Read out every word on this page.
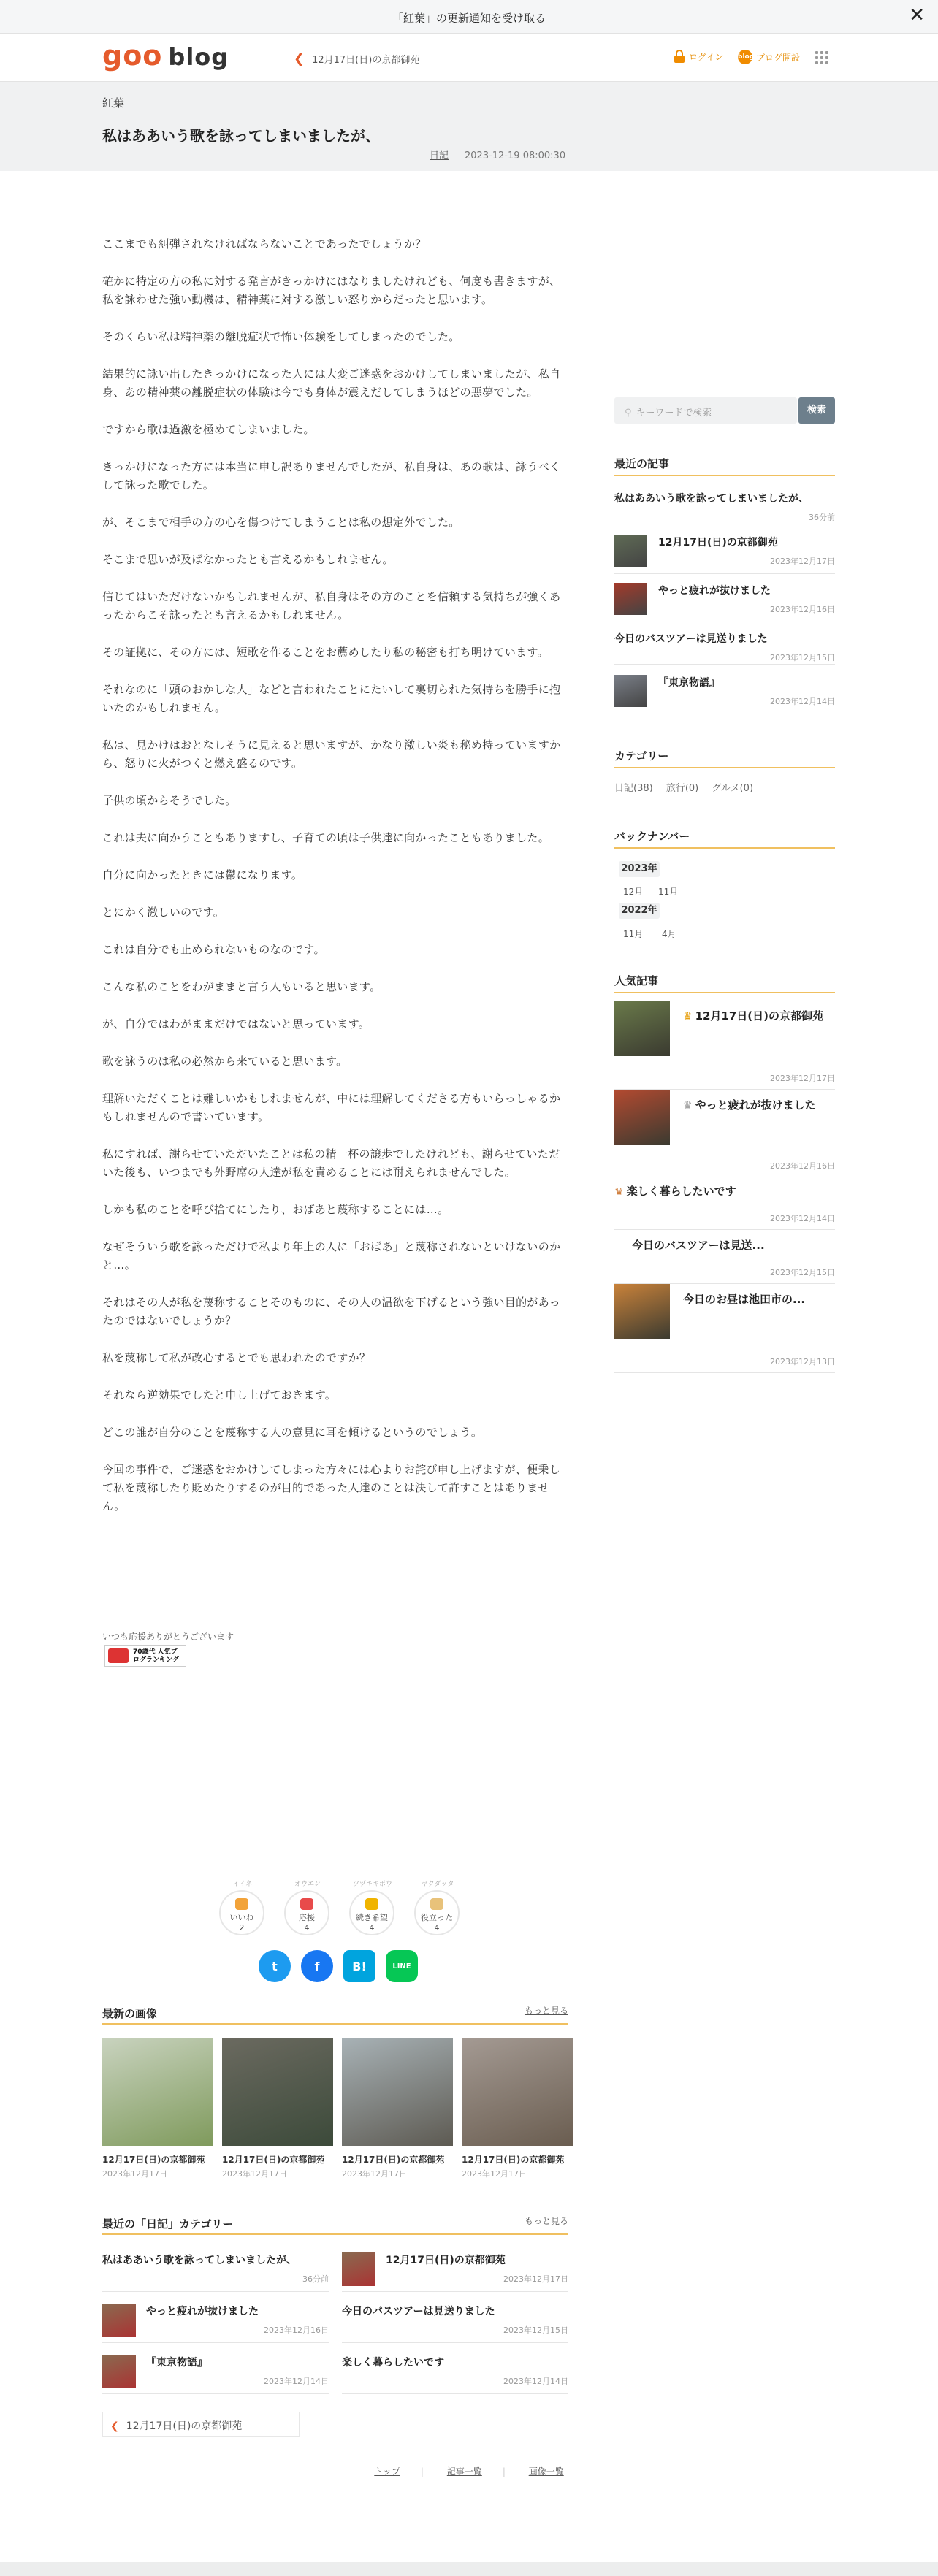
「紅葉」の更新通知を受け取る	✕
goo blog	❮ 12月17日(日)の京都御苑	ログイン blog ブログ開設
紅葉
私はああいう歌を詠ってしまいましたが、
日記 2023-12-19 08:00:30

ここまでも糾弾されなければならないことであったでしょうか？

確かに特定の方の私に対する発言がきっかけにはなりましたけれども、何度も書きますが、私を詠わせた強い動機は、精神薬に対する激しい怒りからだったと思います。

そのくらい私は精神薬の離脱症状で怖い体験をしてしまったのでした。

結果的に詠い出したきっかけになった人には大変ご迷惑をおかけしてしまいましたが、私自身、あの精神薬の離脱症状の体験は今でも身体が震えだしてしまうほどの悪夢でした。

ですから歌は過激を極めてしまいました。

きっかけになった方には本当に申し訳ありませんでしたが、私自身は、あの歌は、詠うべくして詠った歌でした。

が、そこまで相手の方の心を傷つけてしまうことは私の想定外でした。

そこまで思いが及ばなかったとも言えるかもしれません。

信じてはいただけないかもしれませんが、私自身はその方のことを信頼する気持ちが強くあったからこそ詠ったとも言えるかもしれません。

その証拠に、その方には、短歌を作ることをお薦めしたり私の秘密も打ち明けています。

それなのに「頭のおかしな人」などと言われたことにたいして裏切られた気持ちを勝手に抱いたのかもしれません。

私は、見かけはおとなしそうに見えると思いますが、かなり激しい炎も秘め持っていますから、怒りに火がつくと燃え盛るのです。

子供の頃からそうでした。

これは夫に向かうこともありますし、子育ての頃は子供達に向かったこともありました。

自分に向かったときには鬱になります。

とにかく激しいのです。

これは自分でも止められないものなのです。

こんな私のことをわがままと言う人もいると思います。

が、自分ではわがままだけではないと思っています。

歌を詠うのは私の必然から来ていると思います。

理解いただくことは難しいかもしれませんが、中には理解してくださる方もいらっしゃるかもしれませんので書いています。

私にすれば、謝らせていただいたことは私の精一杯の譲歩でしたけれども、謝らせていただいた後も、いつまでも外野席の人達が私を責めることには耐えられませんでした。

しかも私のことを呼び捨てにしたり、おばあと蔑称することには…。

なぜそういう歌を詠っただけで私より年上の人に「おばあ」と蔑称されないといけないのかと…。

それはその人が私を蔑称することそのものに、その人の温欲を下げるという強い目的があったのではないでしょうか？

私を蔑称して私が改心するとでも思われたのですか？

それなら逆効果でしたと申し上げておきます。

どこの誰が自分のことを蔑称する人の意見に耳を傾けるというのでしょう。

今回の事件で、ご迷惑をおかけしてしまった方々には心よりお詫び申し上げますが、便乗して私を蔑称したり貶めたりするのが目的であった人達のことは決して許すことはありません。

いつも応援ありがとうございます
70歳代 人気ブログランキング
イイネ
いいね
2
オウエン
応援
4
ツヅキキボウ
続き希望
4
ヤクダッタ
役立った
4
t	f	B!	LINE
最新の画像	もっと見る
12月17日(日)の京都御苑
2023年12月17日
12月17日(日)の京都御苑
2023年12月17日
12月17日(日)の京都御苑
2023年12月17日
12月17日(日)の京都御苑
2023年12月17日
最近の「日記」カテゴリー	もっと見る
私はああいう歌を詠ってしまいましたが、
36分前
12月17日(日)の京都御苑
2023年12月17日
やっと疲れが抜けました
2023年12月16日
今日のバスツアーは見送りました
2023年12月15日
『東京物語』
2023年12月14日
楽しく暮らしたいです
2023年12月14日
❮ 12月17日(日)の京都御苑
トップ |	記事一覧 |	画像一覧
⚲ キーワードで検索	検索
最近の記事
私はああいう歌を詠ってしまいましたが、
36分前
12月17日(日)の京都御苑
2023年12月17日
やっと疲れが抜けました
2023年12月16日
今日のバスツアーは見送りました
2023年12月15日
『東京物語』
2023年12月14日
カテゴリー
日記(38) 旅行(0) グルメ(0)
バックナンバー
2023年
12月 11月
2022年
11月 4月
人気記事
♛ 12月17日(日)の京都御苑
2023年12月17日
♛ やっと疲れが抜けました
2023年12月16日
♛ 楽しく暮らしたいです
2023年12月14日
今日のバスツアーは見送...
2023年12月15日
今日のお昼は池田市の...
2023年12月13日
